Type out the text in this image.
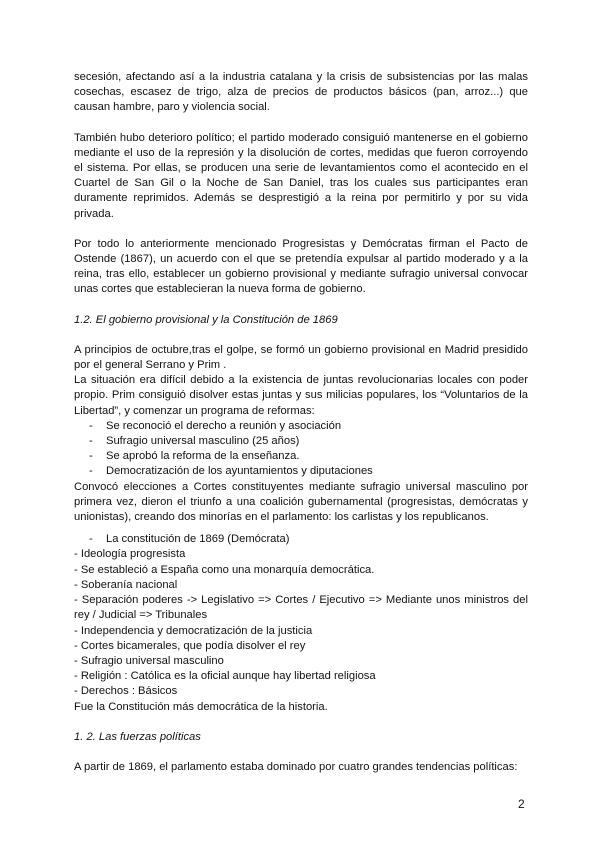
secesión, afectando así a la industria catalana y la crisis de subsistencias por las malas cosechas, escasez de trigo, alza de precios de productos básicos (pan, arroz...) que causan hambre, paro y violencia social.

También hubo deterioro político; el partido moderado consiguió mantenerse en el gobierno mediante el uso de la represión y la disolución de cortes, medidas que fueron corroyendo el sistema. Por ellas, se producen una serie de levantamientos como el acontecido en el Cuartel de San Gil o la Noche de San Daniel, tras los cuales sus participantes eran duramente reprimidos. Además se desprestigió a la reina por permitirlo y por su vida privada.

Por todo lo anteriormente mencionado Progresistas y Demócratas firman el Pacto de Ostende (1867), un acuerdo con el que se pretendía expulsar al partido moderado y a la reina, tras ello, establecer un gobierno provisional y mediante sufragio universal convocar unas cortes que establecieran la nueva forma de gobierno.

1.2. El gobierno provisional y la Constitución de 1869

A principios de octubre,tras el golpe, se formó un gobierno provisional en Madrid presidido por el general Serrano y Prim .

La situación era difícil debido a la existencia de juntas revolucionarias locales con poder propio. Prim consiguió disolver estas juntas y sus milicias populares, los “Voluntarios de la Libertad”, y comenzar un programa de reformas:

- Se reconoció el derecho a reunión y asociación
- Sufragio universal masculino (25 años)
- Se aprobó la reforma de la enseñanza.
- Democratización de los ayuntamientos y diputaciones

Convocó elecciones a Cortes constituyentes mediante sufragio universal masculino por primera vez, dieron el triunfo a una coalición gubernamental (progresistas, demócratas y unionistas), creando dos minorías en el parlamento: los carlistas y los republicanos.

- La constitución de 1869 (Demócrata)

- Ideología progresista

- Se estableció a España como una monarquía democrática.

- Soberanía nacional

- Separación poderes -> Legislativo => Cortes / Ejecutivo => Mediante unos ministros del rey / Judicial => Tribunales

- Independencia y democratización de la justicia

- Cortes bicamerales, que podía disolver el rey

- Sufragio universal masculino

- Religión : Católica es la oficial aunque hay libertad religiosa

- Derechos : Básicos

Fue la Constitución más democrática de la historia.

1. 2. Las fuerzas políticas

A partir de 1869, el parlamento estaba dominado por cuatro grandes tendencias políticas:

2
